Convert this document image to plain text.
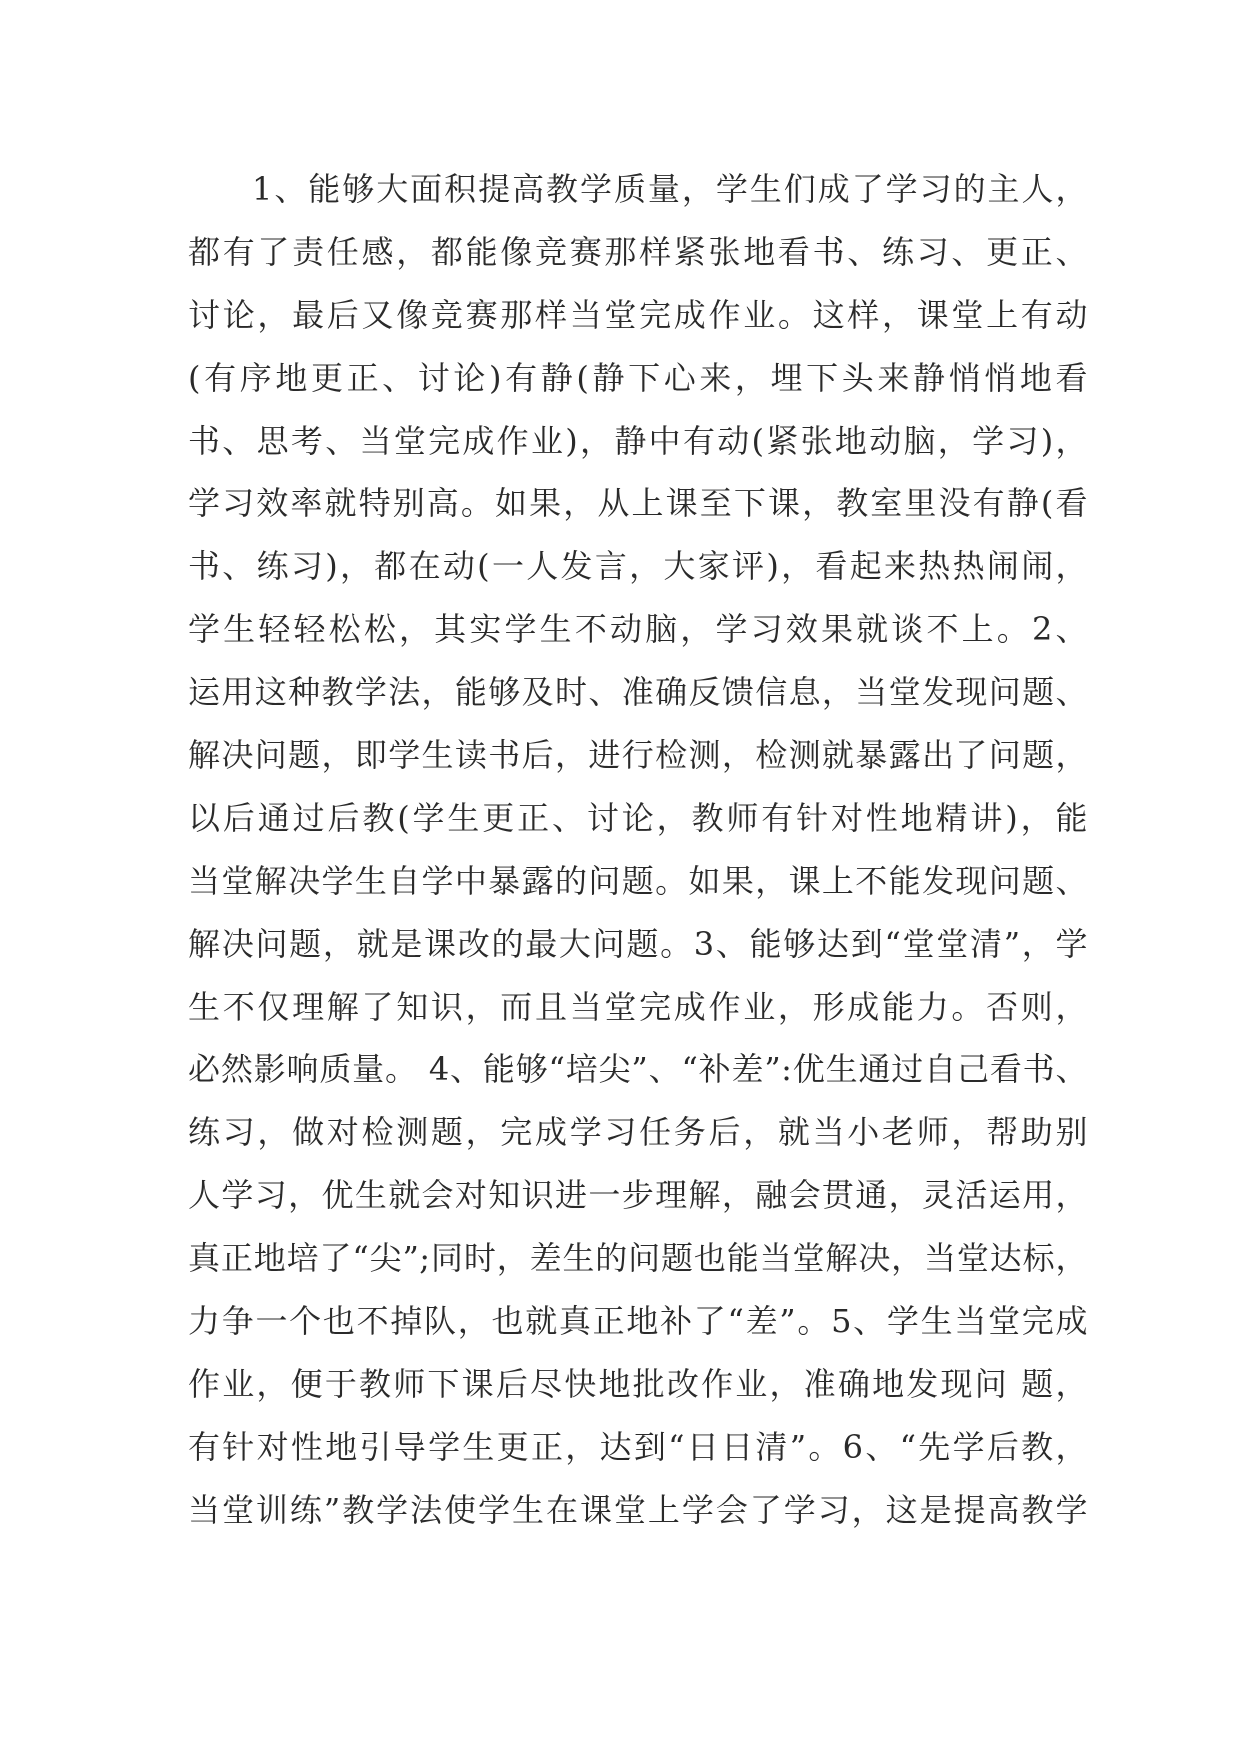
1、能够大面积提高教学质量，学生们成了学习的主人，
都有了责任感，都能像竞赛那样紧张地看书、练习、更正、
讨论，最后又像竞赛那样当堂完成作业。这样，课堂上有动
(有序地更正、讨论)有静(静下心来，埋下头来静悄悄地看
书、思考、当堂完成作业)，静中有动(紧张地动脑，学习)，
学习效率就特别高。如果，从上课至下课，教室里没有静(看
书、练习)，都在动(一人发言，大家评)，看起来热热闹闹，
学生轻轻松松，其实学生不动脑，学习效果就谈不上。2、
运用这种教学法，能够及时、准确反馈信息，当堂发现问题、
解决问题，即学生读书后，进行检测，检测就暴露出了问题，
以后通过后教(学生更正、讨论，教师有针对性地精讲)，能
当堂解决学生自学中暴露的问题。如果，课上不能发现问题、
解决问题，就是课改的最大问题。3、能够达到“堂堂清”，学
生不仅理解了知识，而且当堂完成作业，形成能力。否则，
必然影响质量。 4、能够“培尖”、“补差”:优生通过自己看书、
练习，做对检测题，完成学习任务后，就当小老师，帮助别
人学习，优生就会对知识进一步理解，融会贯通，灵活运用，
真正地培了“尖”;同时，差生的问题也能当堂解决，当堂达标，
力争一个也不掉队，也就真正地补了“差”。5、学生当堂完成
作业，便于教师下课后尽快地批改作业，准确地发现问 题，
有针对性地引导学生更正，达到“日日清”。6、“先学后教，
当堂训练”教学法使学生在课堂上学会了学习，这是提高教学
